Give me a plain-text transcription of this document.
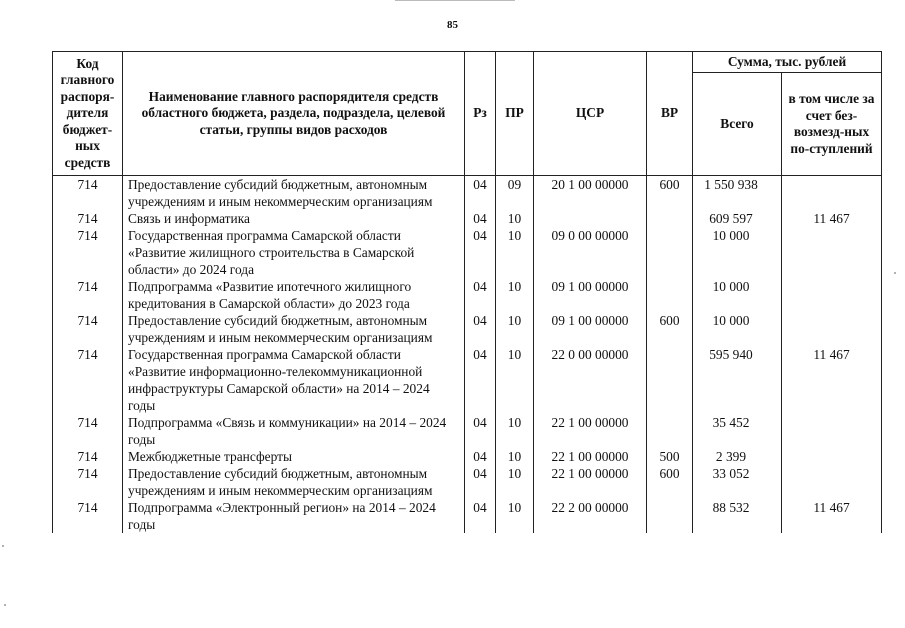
85
Код главного распоря-дителя бюджет-ных средств	Наименование главного распорядителя средств областного бюджета, раздела, подраздела, целевой статьи, группы видов расходов	Рз	ПР	ЦСР	ВР	Сумма, тыс. рублей	
						Всего	в том числе за счет без-возмезд-ных по-ступлений
714	Предоставление субсидий бюджетным, автономным учреждениям и иным некоммерческим организациям	04	09	20 1 00 00000	600	1 550 938	
714	Связь и информатика	04	10			609 597	11 467
714	Государственная программа Самарской области «Развитие жилищного строительства в Самарской области» до 2024 года	04	10	09 0 00 00000		10 000	
714	Подпрограмма «Развитие ипотечного жилищного кредитования в Самарской области» до 2023 года	04	10	09 1 00 00000		10 000	
714	Предоставление субсидий бюджетным, автономным учреждениям и иным некоммерческим организациям	04	10	09 1 00 00000	600	10 000	
714	Государственная программа Самарской области «Развитие информационно-телекоммуникационной инфраструктуры Самарской области» на 2014 – 2024 годы	04	10	22 0 00 00000		595 940	11 467
714	Подпрограмма «Связь и коммуникации» на 2014 – 2024 годы	04	10	22 1 00 00000		35 452	
714	Межбюджетные трансферты	04	10	22 1 00 00000	500	2 399	
714	Предоставление субсидий бюджетным, автономным учреждениям и иным некоммерческим организациям	04	10	22 1 00 00000	600	33 052	
714	Подпрограмма «Электронный регион» на 2014 – 2024 годы	04	10	22 2 00 00000		88 532	11 467
